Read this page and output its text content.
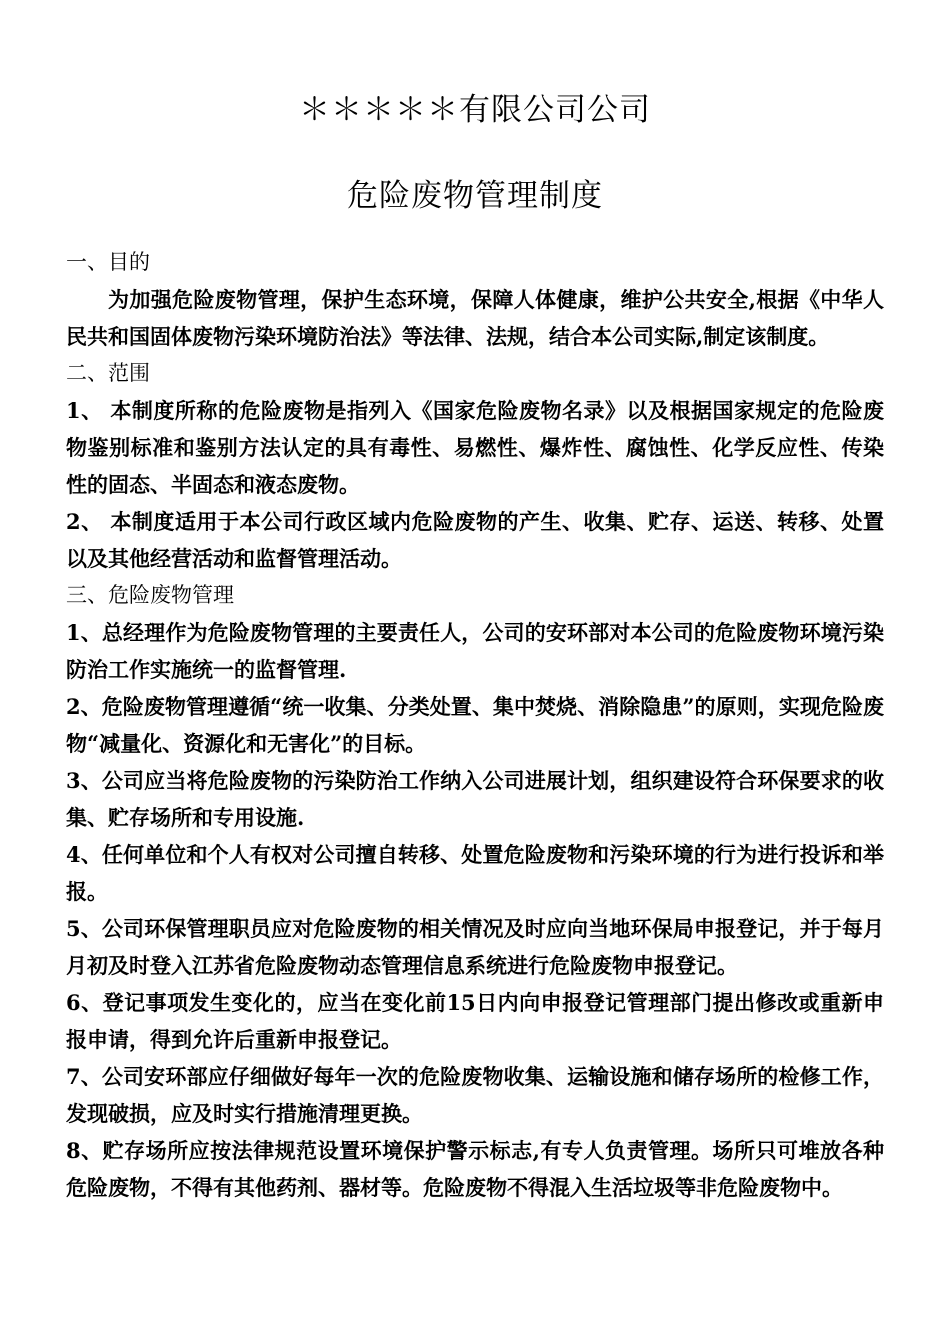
＊＊＊＊＊有限公司公司
危险废物管理制度

一、目的

为加强危险废物管理，保护生态环境，保障人体健康，维护公共安全,根据《中华人民共和国固体废物污染环境防治法》等法律、法规，结合本公司实际,制定该制度。

二、范围

1、 本制度所称的危险废物是指列入《国家危险废物名录》以及根据国家规定的危险废物鉴别标准和鉴别方法认定的具有毒性、易燃性、爆炸性、腐蚀性、化学反应性、传染性的固态、半固态和液态废物。

2、 本制度适用于本公司行政区域内危险废物的产生、收集、贮存、运送、转移、处置以及其他经营活动和监督管理活动。

三、危险废物管理

1、总经理作为危险废物管理的主要责任人，公司的安环部对本公司的危险废物环境污染防治工作实施统一的监督管理.

2、危险废物管理遵循“统一收集、分类处置、集中焚烧、消除隐患”的原则，实现危险废物“减量化、资源化和无害化”的目标。

3、公司应当将危险废物的污染防治工作纳入公司进展计划，组织建设符合环保要求的收集、贮存场所和专用设施.

4、任何单位和个人有权对公司擅自转移、处置危险废物和污染环境的行为进行投诉和举报。

5、公司环保管理职员应对危险废物的相关情况及时应向当地环保局申报登记，并于每月月初及时登入江苏省危险废物动态管理信息系统进行危险废物申报登记。

6、登记事项发生变化的，应当在变化前15日内向申报登记管理部门提出修改或重新申报申请，得到允许后重新申报登记。

7、公司安环部应仔细做好每年一次的危险废物收集、运输设施和储存场所的检修工作，发现破损，应及时实行措施清理更换。

8、贮存场所应按法律规范设置环境保护警示标志,有专人负责管理。场所只可堆放各种危险废物，不得有其他药剂、器材等。危险废物不得混入生活垃圾等非危险废物中。
